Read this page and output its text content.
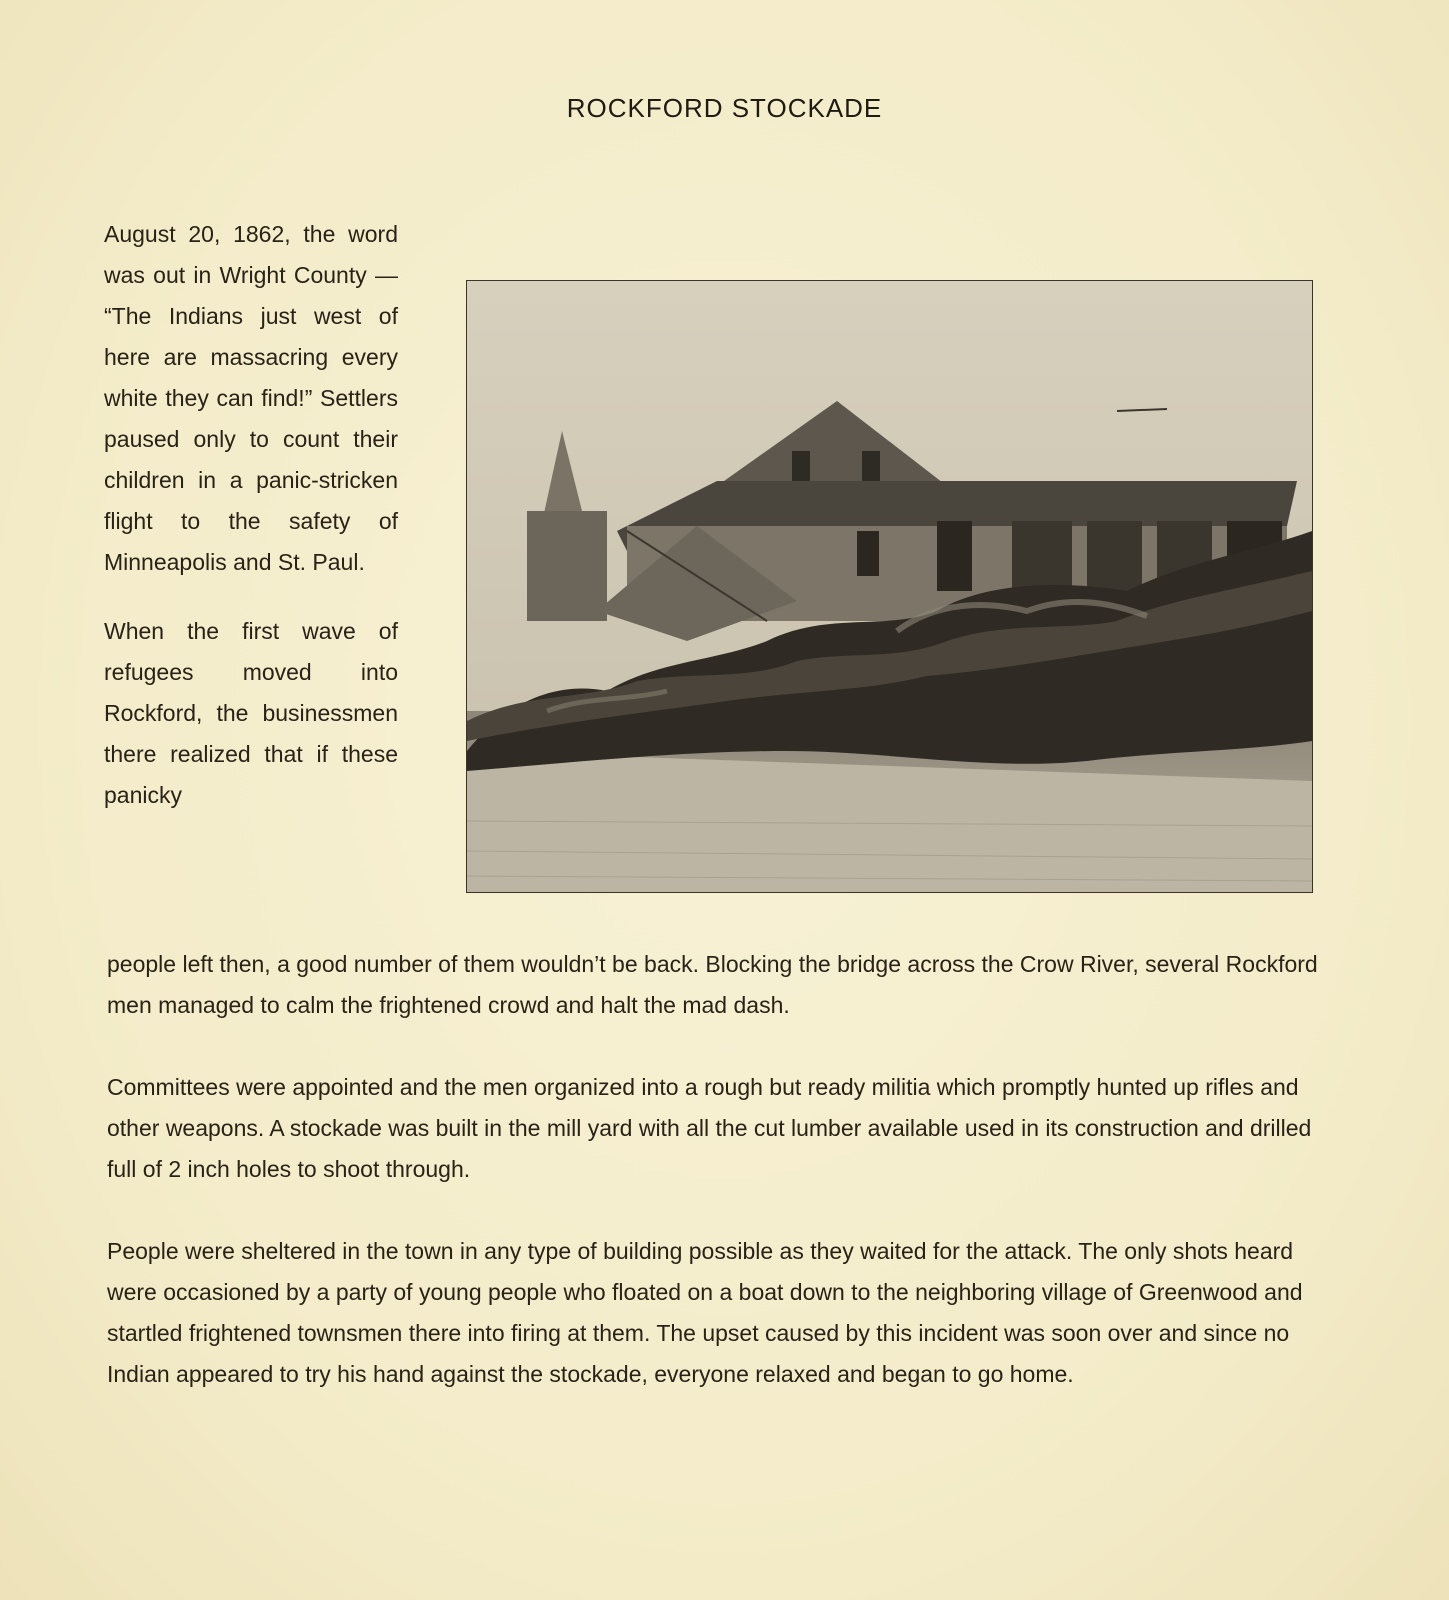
ROCKFORD STOCKADE

August 20, 1862, the word was out in Wright County — “The Indians just west of here are massacring every white they can find!” Settlers paused only to count their children in a panic-stricken flight to the safety of Minneapolis and St. Paul.

When the first wave of refugees moved into Rockford, the businessmen there realized that if these panicky

people left then, a good number of them wouldn’t be back. Blocking the bridge across the Crow River, several Rockford men managed to calm the frightened crowd and halt the mad dash.

Committees were appointed and the men organized into a rough but ready militia which promptly hunted up rifles and other weapons. A stockade was built in the mill yard with all the cut lumber available used in its construction and drilled full of 2 inch holes to shoot through.

People were sheltered in the town in any type of building possible as they waited for the attack. The only shots heard were occasioned by a party of young people who floated on a boat down to the neighboring village of Greenwood and startled frightened townsmen there into firing at them. The upset caused by this incident was soon over and since no Indian appeared to try his hand against the stockade, everyone relaxed and began to go home.
